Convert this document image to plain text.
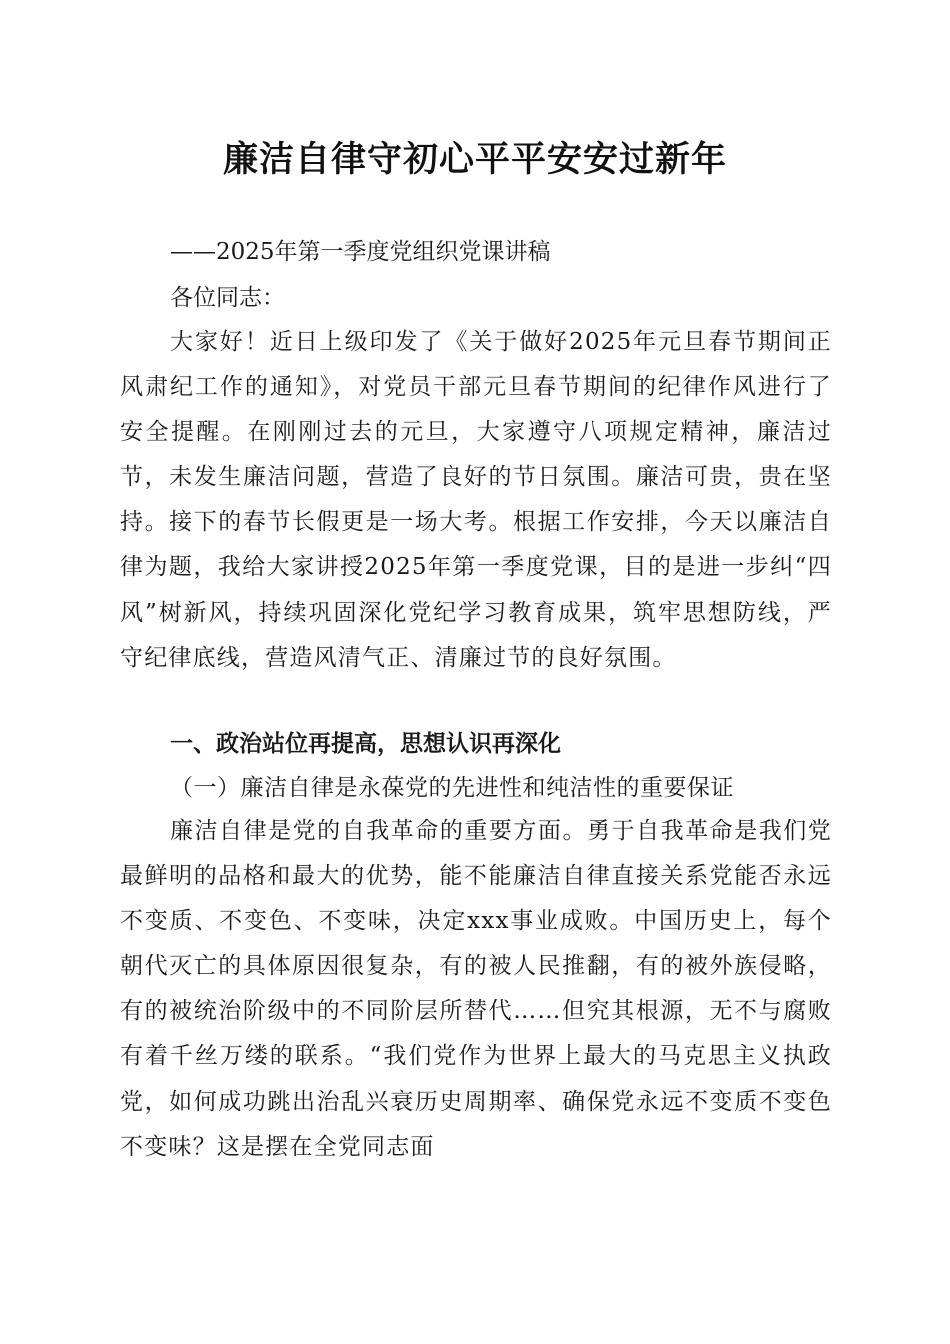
廉洁自律守初心平平安安过新年
——2025年第一季度党组织党课讲稿
各位同志：

大家好！近日上级印发了《关于做好2025年元旦春节期间正风肃纪工作的通知》，对党员干部元旦春节期间的纪律作风进行了安全提醒。在刚刚过去的元旦，大家遵守八项规定精神，廉洁过节，未发生廉洁问题，营造了良好的节日氛围。廉洁可贵，贵在坚持。接下的春节长假更是一场大考。根据工作安排，今天以廉洁自律为题，我给大家讲授2025年第一季度党课，目的是进一步纠“四风”树新风，持续巩固深化党纪学习教育成果，筑牢思想防线，严守纪律底线，营造风清气正、清廉过节的良好氛围。

一、政治站位再提高，思想认识再深化
（一）廉洁自律是永葆党的先进性和纯洁性的重要保证

廉洁自律是党的自我革命的重要方面。勇于自我革命是我们党最鲜明的品格和最大的优势，能不能廉洁自律直接关系党能否永远不变质、不变色、不变味，决定xxx事业成败。中国历史上，每个朝代灭亡的具体原因很复杂，有的被人民推翻，有的被外族侵略，有的被统治阶级中的不同阶层所替代……但究其根源，无不与腐败有着千丝万缕的联系。“我们党作为世界上最大的马克思主义执政党，如何成功跳出治乱兴衰历史周期率、确保党永远不变质不变色不变味？这是摆在全党同志面
